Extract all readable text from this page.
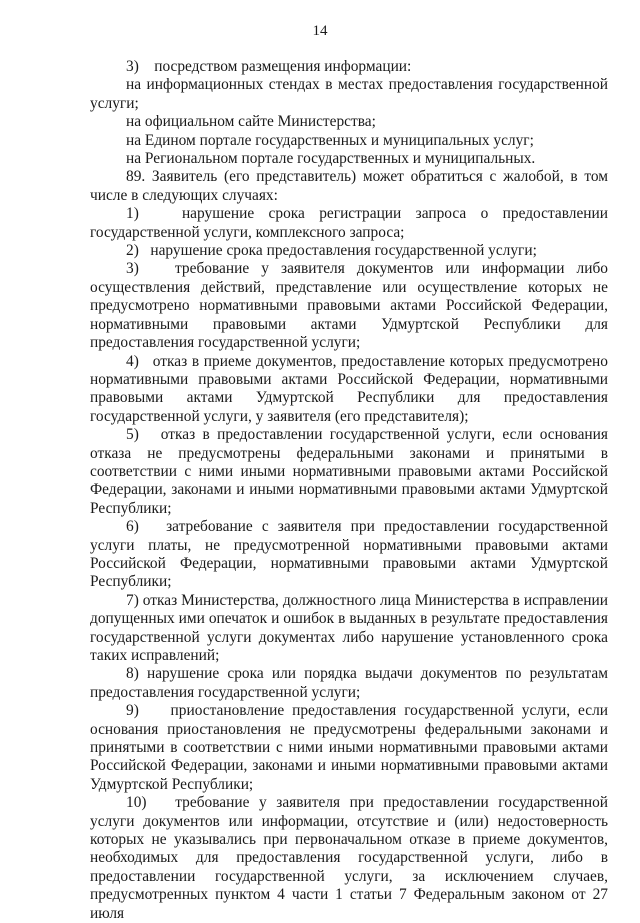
14

3)    посредством размещения информации:

на информационных стендах в местах предоставления государственной услуги;

на официальном сайте Министерства;

на Едином портале государственных и муниципальных услуг;

на Региональном портале государственных и муниципальных.

89. Заявитель (его представитель) может обратиться с жалобой, в том числе в следующих случаях:

1)   нарушение срока регистрации запроса о предоставлении государственной услуги, комплексного запроса;

2)   нарушение срока предоставления государственной услуги;

3)   требование у заявителя документов или информации либо осуществления действий, представление или осуществление которых не предусмотрено нормативными правовыми актами Российской Федерации, нормативными правовыми актами Удмуртской Республики для предоставления государственной услуги;

4)   отказ в приеме документов, предоставление которых предусмотрено нормативными правовыми актами Российской Федерации, нормативными правовыми актами Удмуртской Республики для предоставления государственной услуги, у заявителя (его представителя);

5)   отказ в предоставлении государственной услуги, если основания отказа не предусмотрены федеральными законами и принятыми в соответствии с ними иными нормативными правовыми актами Российской Федерации, законами и иными нормативными правовыми актами Удмуртской Республики;

6)   затребование с заявителя при предоставлении государственной услуги платы, не предусмотренной нормативными правовыми актами Российской Федерации, нормативными правовыми актами Удмуртской Республики;

7) отказ Министерства, должностного лица Министерства в исправлении допущенных ими опечаток и ошибок в выданных в результате предоставления государственной услуги документах либо нарушение установленного срока таких исправлений;

8) нарушение срока или порядка выдачи документов по результатам предоставления государственной услуги;

9)    приостановление предоставления государственной услуги, если основания приостановления не предусмотрены федеральными законами и принятыми в соответствии с ними иными нормативными правовыми актами Российской Федерации, законами и иными нормативными правовыми актами Удмуртской Республики;

10)   требование у заявителя при предоставлении государственной услуги документов или информации, отсутствие и (или) недостоверность которых не указывались при первоначальном отказе в приеме документов, необходимых для предоставления государственной услуги, либо в предоставлении государственной услуги, за исключением случаев, предусмотренных пунктом 4 части 1 статьи 7 Федеральным законом от 27 июля
